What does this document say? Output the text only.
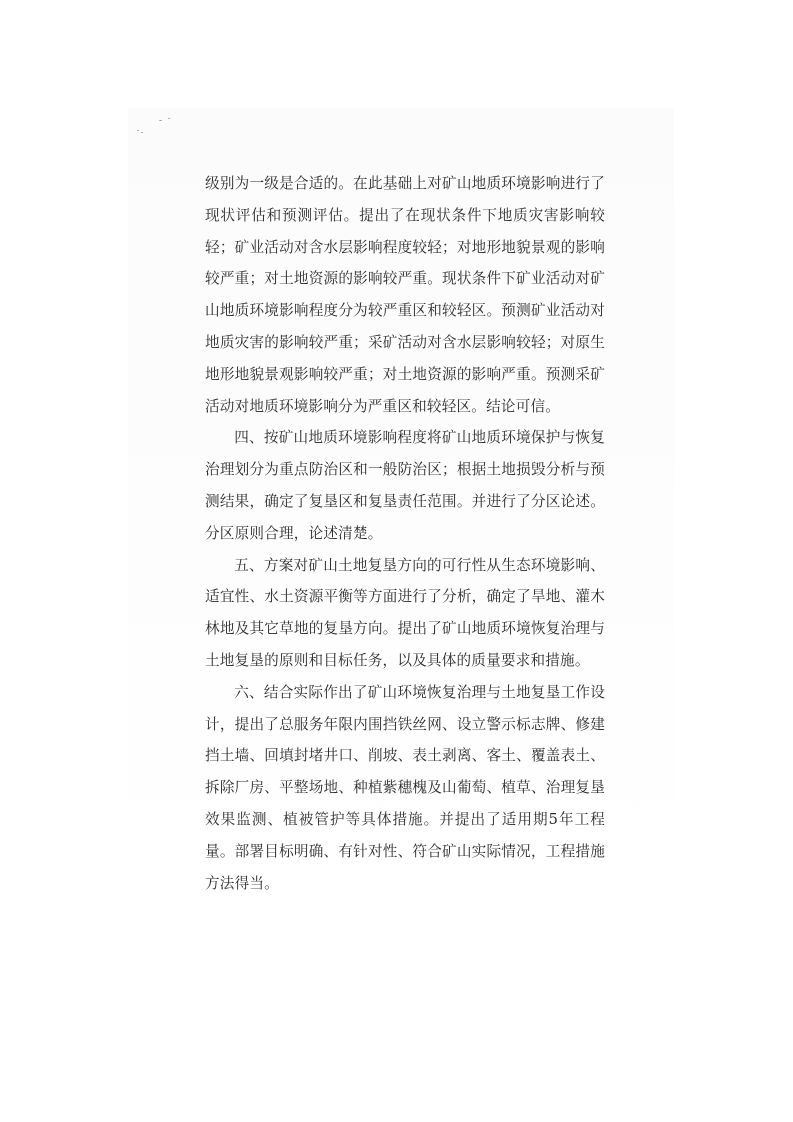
级别为一级是合适的。在此基础上对矿山地质环境影响进行了现状评估和预测评估。提出了在现状条件下地质灾害影响较轻；矿业活动对含水层影响程度较轻；对地形地貌景观的影响较严重；对土地资源的影响较严重。现状条件下矿业活动对矿山地质环境影响程度分为较严重区和较轻区。预测矿业活动对地质灾害的影响较严重；采矿活动对含水层影响较轻；对原生地形地貌景观影响较严重；对土地资源的影响严重。预测采矿活动对地质环境影响分为严重区和较轻区。结论可信。

四、按矿山地质环境影响程度将矿山地质环境保护与恢复治理划分为重点防治区和一般防治区；根据土地损毁分析与预测结果，确定了复垦区和复垦责任范围。并进行了分区论述。分区原则合理，论述清楚。

五、方案对矿山土地复垦方向的可行性从生态环境影响、适宜性、水土资源平衡等方面进行了分析，确定了旱地、灌木林地及其它草地的复垦方向。提出了矿山地质环境恢复治理与土地复垦的原则和目标任务，以及具体的质量要求和措施。

六、结合实际作出了矿山环境恢复治理与土地复垦工作设计，提出了总服务年限内围挡铁丝网、设立警示标志牌、修建挡土墙、回填封堵井口、削坡、表土剥离、客土、覆盖表土、拆除厂房、平整场地、种植紫穗槐及山葡萄、植草、治理复垦效果监测、植被管护等具体措施。并提出了适用期5年工程量。部署目标明确、有针对性、符合矿山实际情况，工程措施方法得当。
